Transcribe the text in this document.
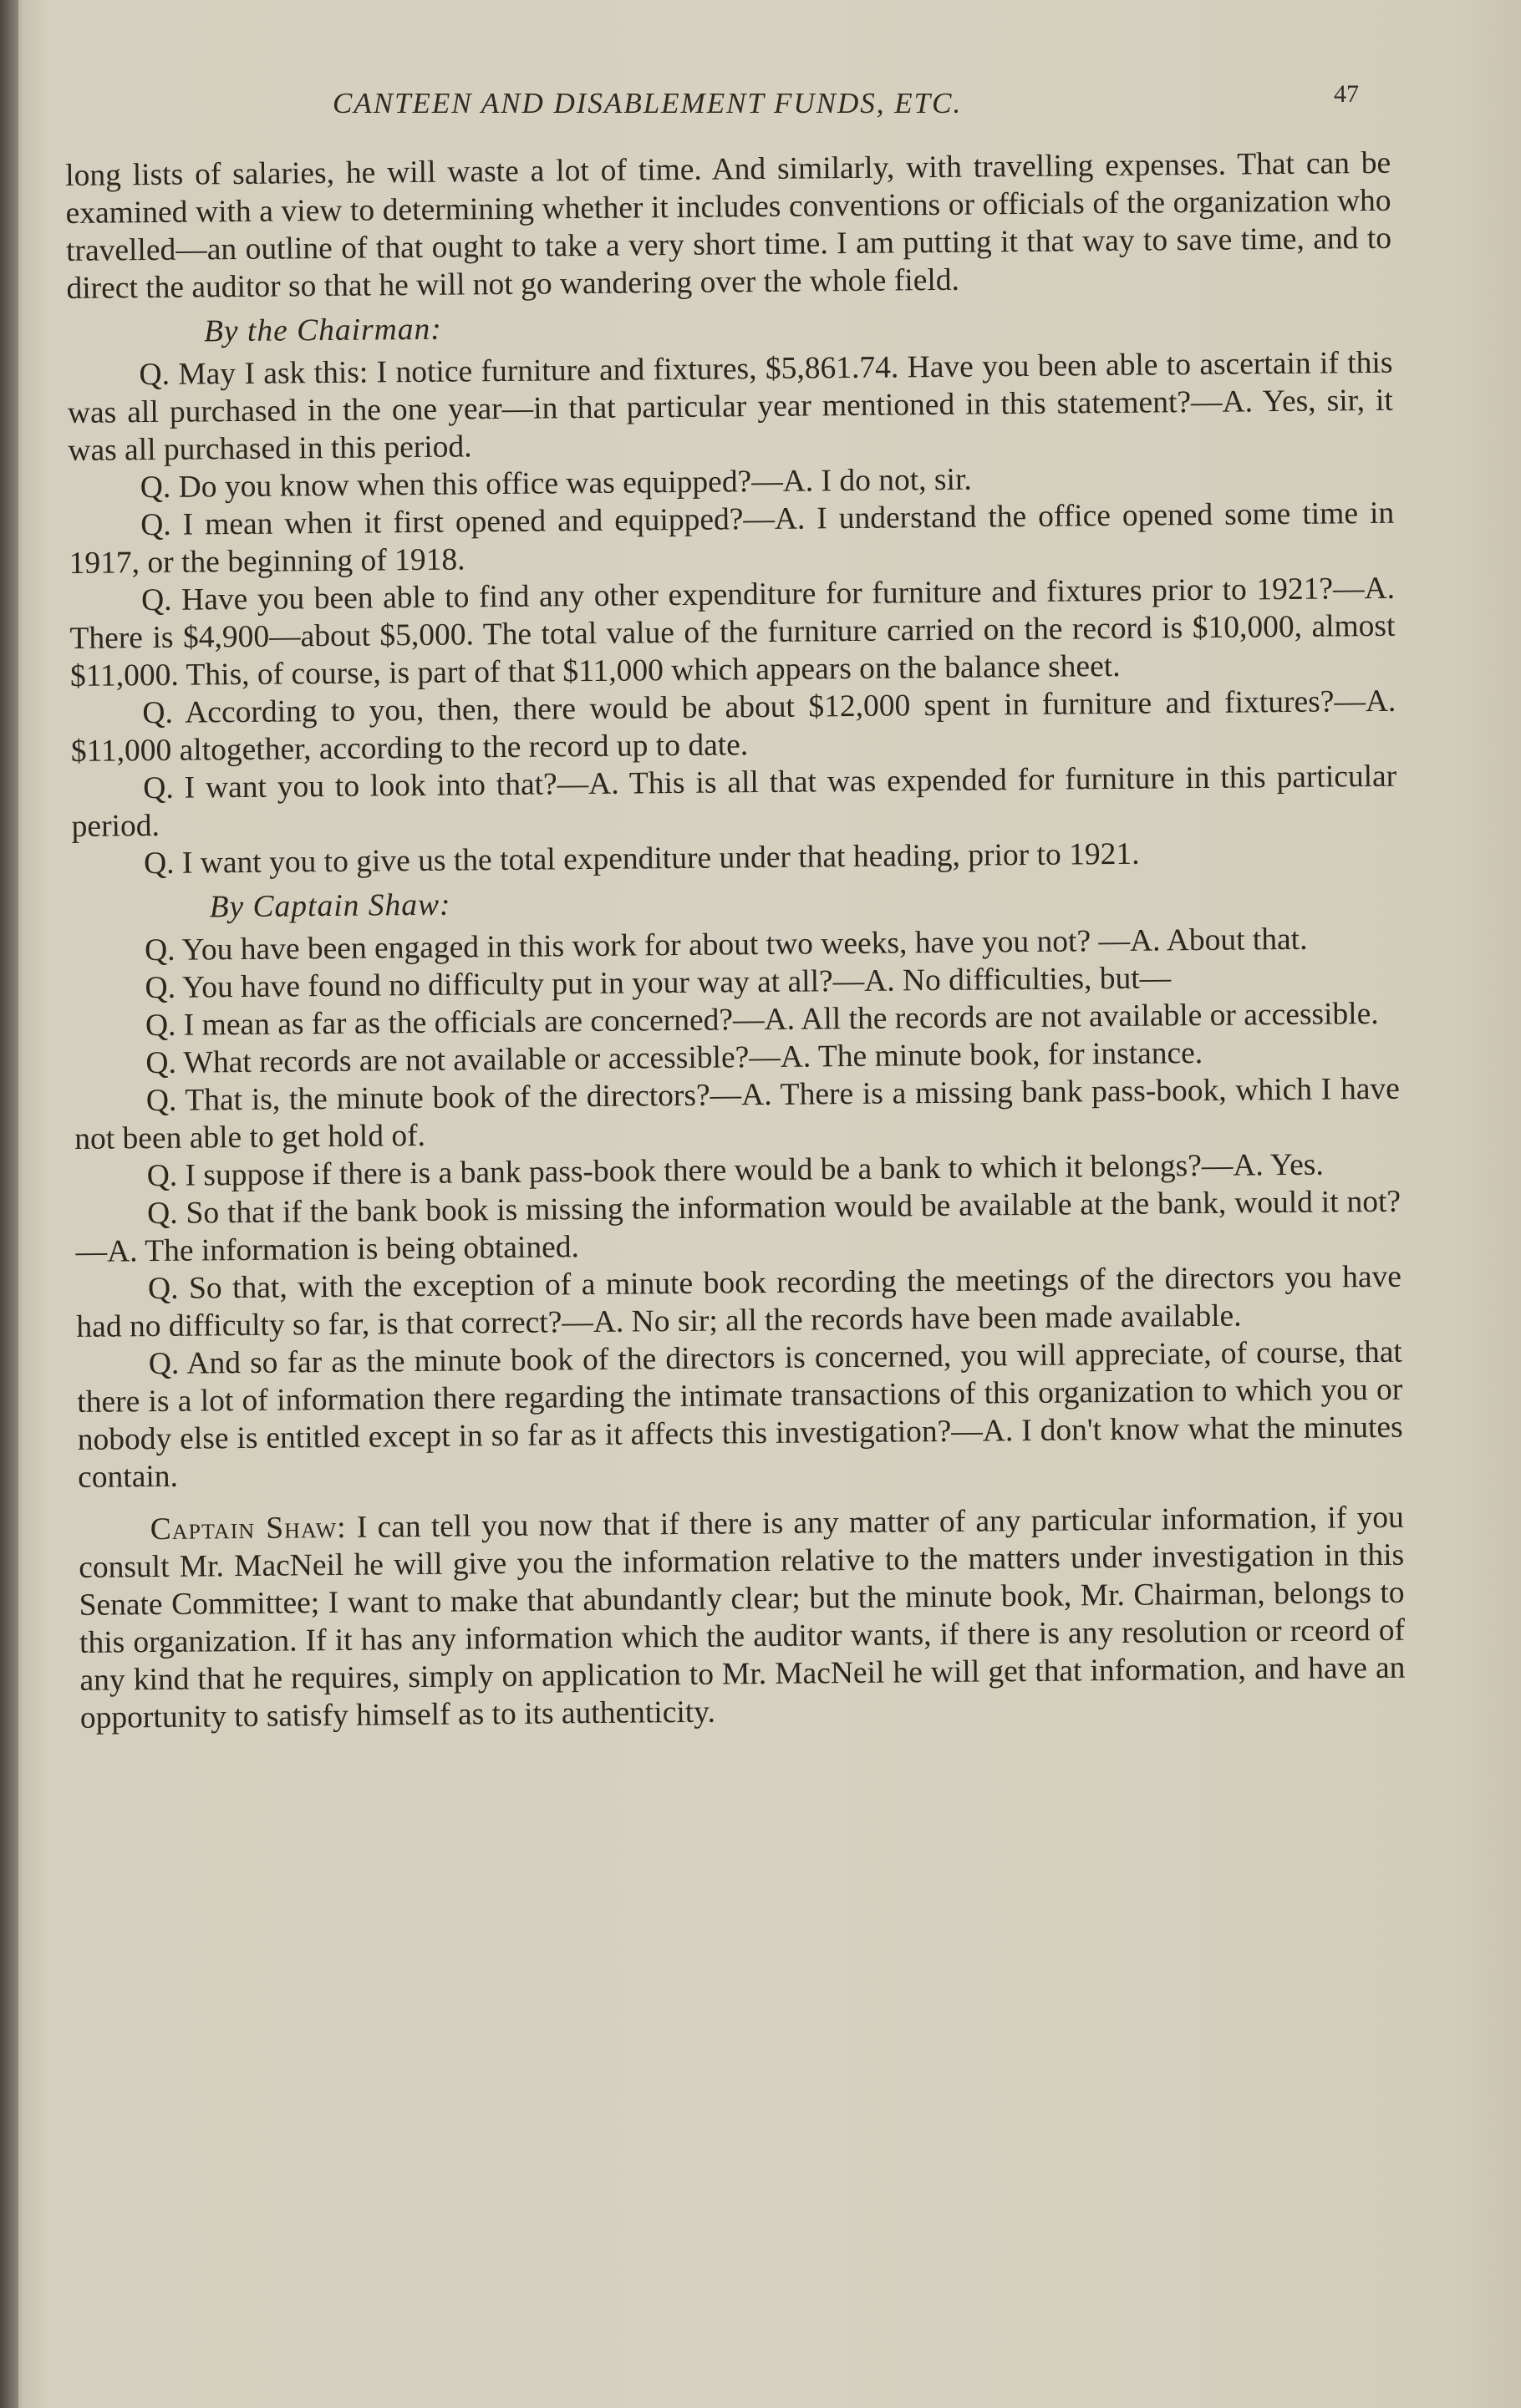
CANTEEN AND DISABLEMENT FUNDS, ETC.	47

long lists of salaries, he will waste a lot of time. And similarly, with travelling expenses. That can be examined with a view to determining whether it includes conventions or officials of the organization who travelled—an outline of that ought to take a very short time. I am putting it that way to save time, and to direct the auditor so that he will not go wandering over the whole field.

By the Chairman:

Q. May I ask this: I notice furniture and fixtures, $5,861.74. Have you been able to ascertain if this was all purchased in the one year—in that particular year mentioned in this statement?—A. Yes, sir, it was all purchased in this period.

Q. Do you know when this office was equipped?—A. I do not, sir.

Q. I mean when it first opened and equipped?—A. I understand the office opened some time in 1917, or the beginning of 1918.

Q. Have you been able to find any other expenditure for furniture and fixtures prior to 1921?—A. There is $4,900—about $5,000. The total value of the furniture carried on the record is $10,000, almost $11,000. This, of course, is part of that $11,000 which appears on the balance sheet.

Q. According to you, then, there would be about $12,000 spent in furniture and fixtures?—A. $11,000 altogether, according to the record up to date.

Q. I want you to look into that?—A. This is all that was expended for furniture in this particular period.

Q. I want you to give us the total expenditure under that heading, prior to 1921.

By Captain Shaw:

Q. You have been engaged in this work for about two weeks, have you not? —A. About that.

Q. You have found no difficulty put in your way at all?—A. No difficulties, but—

Q. I mean as far as the officials are concerned?—A. All the records are not available or accessible.

Q. What records are not available or accessible?—A. The minute book, for instance.

Q. That is, the minute book of the directors?—A. There is a missing bank pass-book, which I have not been able to get hold of.

Q. I suppose if there is a bank pass-book there would be a bank to which it belongs?—A. Yes.

Q. So that if the bank book is missing the information would be available at the bank, would it not?—A. The information is being obtained.

Q. So that, with the exception of a minute book recording the meetings of the directors you have had no difficulty so far, is that correct?—A. No sir; all the records have been made available.

Q. And so far as the minute book of the directors is concerned, you will appreciate, of course, that there is a lot of information there regarding the intimate transactions of this organization to which you or nobody else is entitled except in so far as it affects this investigation?—A. I don't know what the minutes contain.

Captain Shaw: I can tell you now that if there is any matter of any particular information, if you consult Mr. MacNeil he will give you the information relative to the matters under investigation in this Senate Committee; I want to make that abundantly clear; but the minute book, Mr. Chairman, belongs to this organization. If it has any information which the auditor wants, if there is any resolution or rceord of any kind that he requires, simply on application to Mr. MacNeil he will get that information, and have an opportunity to satisfy himself as to its authenticity.
